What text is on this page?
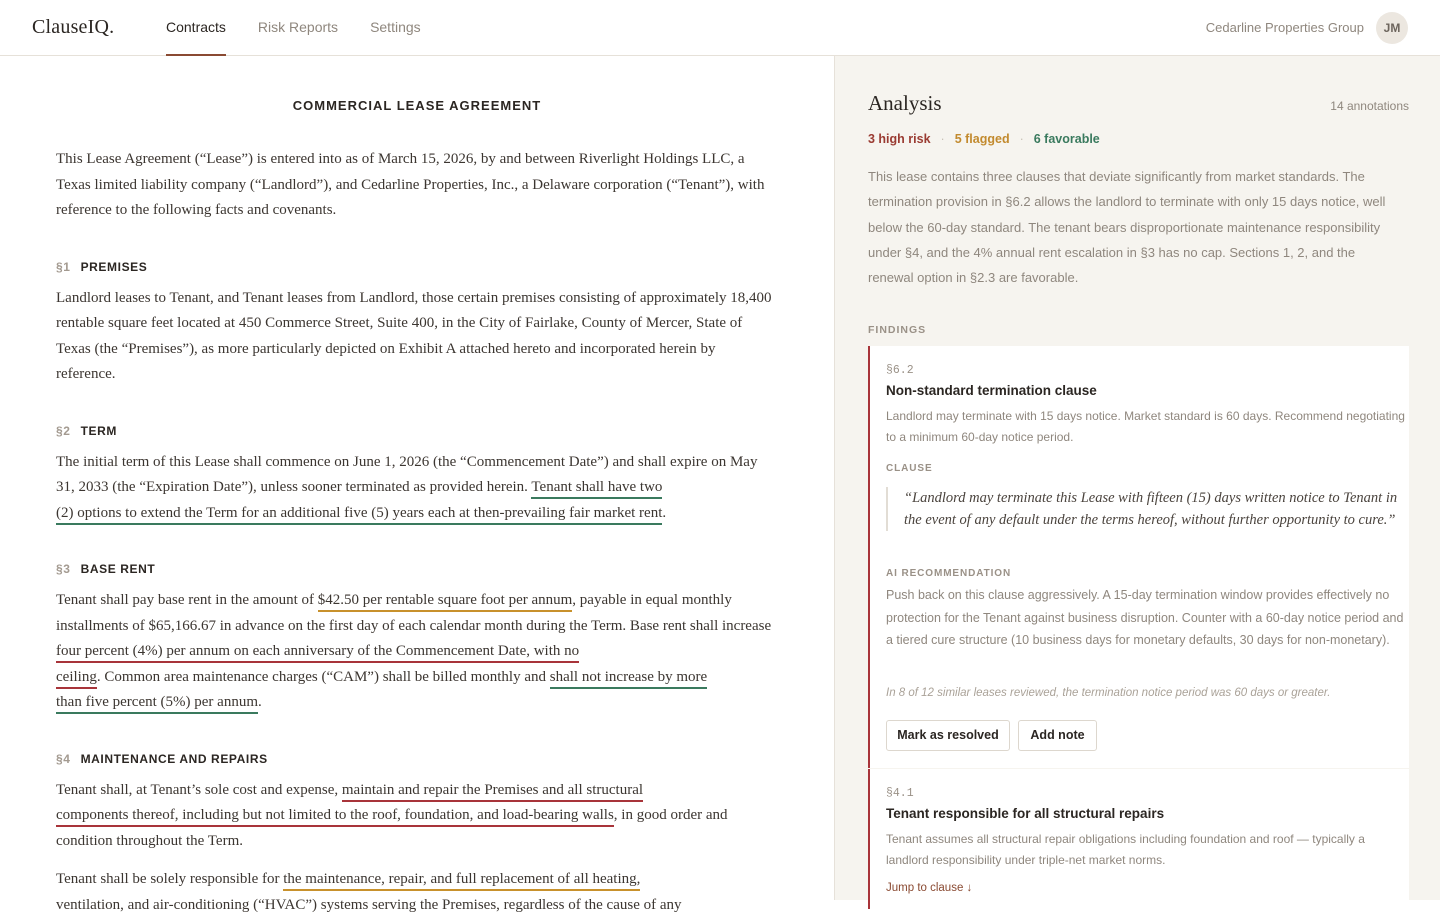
ClauseIQ.	Contracts Risk Reports Settings	Cedarline Properties Group	JM
COMMERCIAL LEASE AGREEMENT

This Lease Agreement (“Lease”) is entered into as of March 15, 2026, by and between Riverlight Holdings LLC, a Texas limited liability company (“Landlord”), and Cedarline Properties, Inc., a Delaware corporation (“Tenant”), with reference to the following facts and covenants.

§1 PREMISES

Landlord leases to Tenant, and Tenant leases from Landlord, those certain premises consisting of approximately 18,400 rentable square feet located at 450 Commerce Street, Suite 400, in the City of Fairlake, County of Mercer, State of Texas (the “Premises”), as more particularly depicted on Exhibit A attached hereto and incorporated herein by reference.

§2 TERM

The initial term of this Lease shall commence on June 1, 2026 (the “Commencement Date”) and shall expire on May 31, 2033 (the “Expiration Date”), unless sooner terminated as provided herein. Tenant shall have two
(2) options to extend the Term for an additional five (5) years each at then-prevailing fair market rent.

§3 BASE RENT

Tenant shall pay base rent in the amount of $42.50 per rentable square foot per annum, payable in equal monthly installments of $65,166.67 in advance on the first day of each calendar month during the Term. Base rent shall increase four percent (4%) per annum on each anniversary of the Commencement Date, with no
ceiling. Common area maintenance charges (“CAM”) shall be billed monthly and shall not increase by more
than five percent (5%) per annum.

§4 MAINTENANCE AND REPAIRS

Tenant shall, at Tenant’s sole cost and expense, maintain and repair the Premises and all structural
components thereof, including but not limited to the roof, foundation, and load-bearing walls, in good order and condition throughout the Term.

Tenant shall be solely responsible for the maintenance, repair, and full replacement of all heating,
ventilation, and air-conditioning (“HVAC”) systems serving the Premises, regardless of the cause of any

Analysis	14 annotations
3 high risk · 5 flagged · 6 favorable
This lease contains three clauses that deviate significantly from market standards. The termination provision in §6.2 allows the landlord to terminate with only 15 days notice, well below the 60-day standard. The tenant bears disproportionate maintenance responsibility under §4, and the 4% annual rent escalation in §3 has no cap. Sections 1, 2, and the renewal option in §2.3 are favorable.
FINDINGS
§6.2
Non-standard termination clause
Landlord may terminate with 15 days notice. Market standard is 60 days. Recommend negotiating to a minimum 60-day notice period.
CLAUSE
“Landlord may terminate this Lease with fifteen (15) days written notice to Tenant in the event of any default under the terms hereof, without further opportunity to cure.”
AI RECOMMENDATION
Push back on this clause aggressively. A 15-day termination window provides effectively no protection for the Tenant against business disruption. Counter with a 60-day notice period and a tiered cure structure (10 business days for monetary defaults, 30 days for non-monetary).
In 8 of 12 similar leases reviewed, the termination notice period was 60 days or greater.
Mark as resolved	Add note
§4.1
Tenant responsible for all structural repairs
Tenant assumes all structural repair obligations including foundation and roof — typically a landlord responsibility under triple-net market norms.
Jump to clause ↓
